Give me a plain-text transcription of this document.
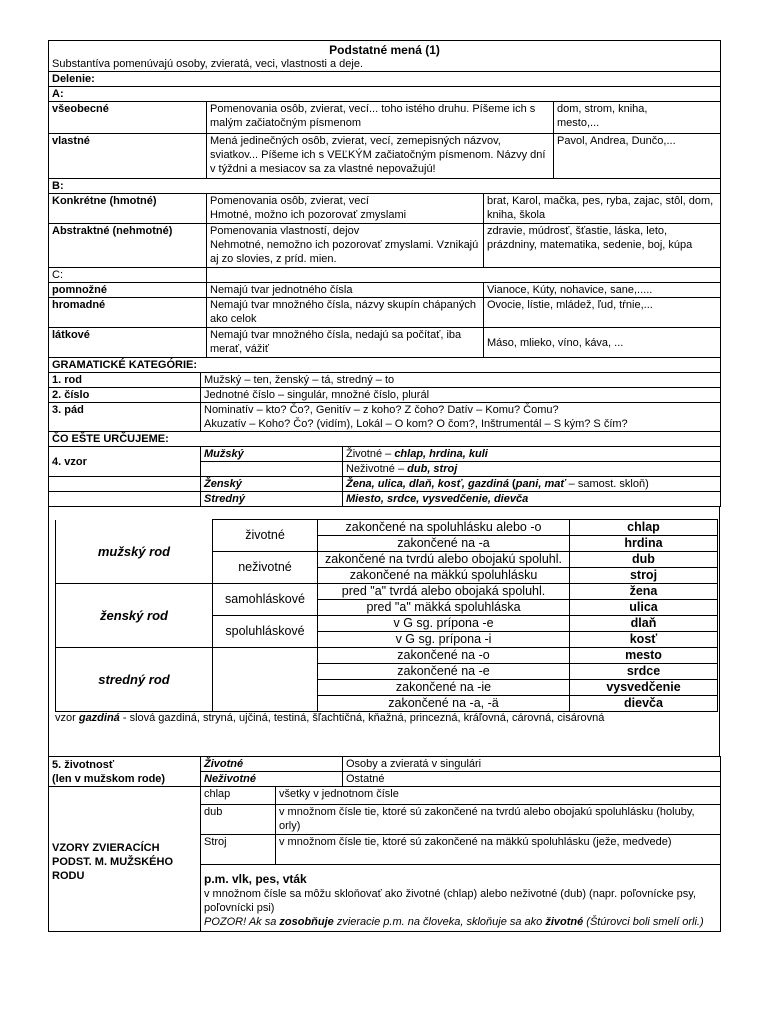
Podstatné mená (1)
Substantíva pomenúvajú osoby, zvieratá, veci, vlastnosti a deje.			

Delenie:			
A:			
všeobecné	Pomenovania osôb, zvierat, vecí... toho istého druhu. Píšeme ich s malým začiatočným písmenom		dom, strom, kniha, mesto,...
vlastné	Mená jedinečných osôb, zvierat, vecí, zemepisných názvov, sviatkov... Píšeme ich s VEĽKÝM začiatočným písmenom. Názvy dní v týždni a mesiacov sa za vlastné nepovažujú!		Pavol, Andrea, Dunčo,...
B:			
Konkrétne (hmotné)	Pomenovania osôb, zvierat, vecí
Hmotné, možno ich pozorovať zmyslami	brat, Karol, mačka, pes, ryba, zajac, stôl, dom, kniha, škola	
Abstraktné (nehmotné)	Pomenovania vlastností, dejov
Nehmotné, nemožno ich pozorovať zmyslami. Vznikajú aj zo slovies, z príd. mien.	zdravie, múdrosť, šťastie, láska, leto, prázdniny, matematika, sedenie, boj, kúpa	
C:			
pomnožné	Nemajú tvar jednotného čísla	Vianoce, Kúty, nohavice, sane,.....	
hromadné	Nemajú tvar množného čísla, názvy skupín chápaných ako celok	Ovocie, lístie, mládež, ľud, tŕnie,...	
látkové	Nemajú tvar množného čísla, nedajú sa počítať, iba merať, vážiť	Máso, mlieko, víno, káva, ...	
GRAMATICKÉ KATEGÓRIE:	
1. rod	Mužský – ten, ženský – tá, stredný – to
2. číslo	Jednotné číslo – singulár, množné číslo, plurál
3. pád	Nominatív – kto? Čo?, Genitív – z koho? Z čoho? Datív – Komu? Čomu?
Akuzatív – Koho? Čo? (vidím), Lokál – O kom? O čom?, Inštrumentál – S kým? S čím?

ČO EŠTE URČUJEME:	
4. vzor	Mužský	Životné – chlap, hrdina, kuli
		Neživotné – dub, stroj
	Ženský	Žena, ulica, dlaň, kosť, gazdiná (pani, mať – samost. skloň)
	Stredný	Miesto, srdce, vysvedčenie, dievča
mužský rod	životné	zakončené na spoluhlásku alebo -o	chlap
		zakončené na -a	hrdina
	neživotné	zakončené na tvrdú alebo obojakú spoluhl.	dub
		zakončené na mäkkú spoluhlásku	stroj
ženský rod	samohláskové	pred "a" tvrdá alebo obojaká spoluhl.	žena
		pred "a" mäkká spoluhláska	ulica
	spoluhláskové	v G sg. prípona -e	dlaň
		v G sg. prípona -i	kosť
stredný rod		zakončené na -o	mesto
		zakončené na -e	srdce
		zakončené na -ie	vysvedčenie
		zakončené na -a, -ä	dievča
vzor gazdiná - slová gazdiná, stryná, ujčiná, testiná, šľachtičná, kňažná, princezná, kráľovná, cárovná, cisárovná
5. životnosť
(len v mužskom rode)	Životné		Osoby a zvieratá v singulári
	Neživotné		Ostatné
VZORY ZVIERACÍCH PODST. M. MUŽSKÉHO RODU	chlap	všetky v jednotnom čísle	
	dub	v množnom čísle tie, ktoré sú zakončené na tvrdú alebo obojakú spoluhlásku (holuby, orly)	
	Stroj	v množnom čísle tie, ktoré sú zakončené na mäkkú spoluhlásku (ježe, medvede)	

	p.m. vlk, pes, vták
v množnom čísle sa môžu skloňovať ako životné (chlap) alebo neživotné (dub) (napr. poľovnícke psy, poľovnícki psi)
POZOR! Ak sa zosobňuje zvieracie p.m. na človeka, skloňuje sa ako životné (Štúrovci boli smelí orli.)		
